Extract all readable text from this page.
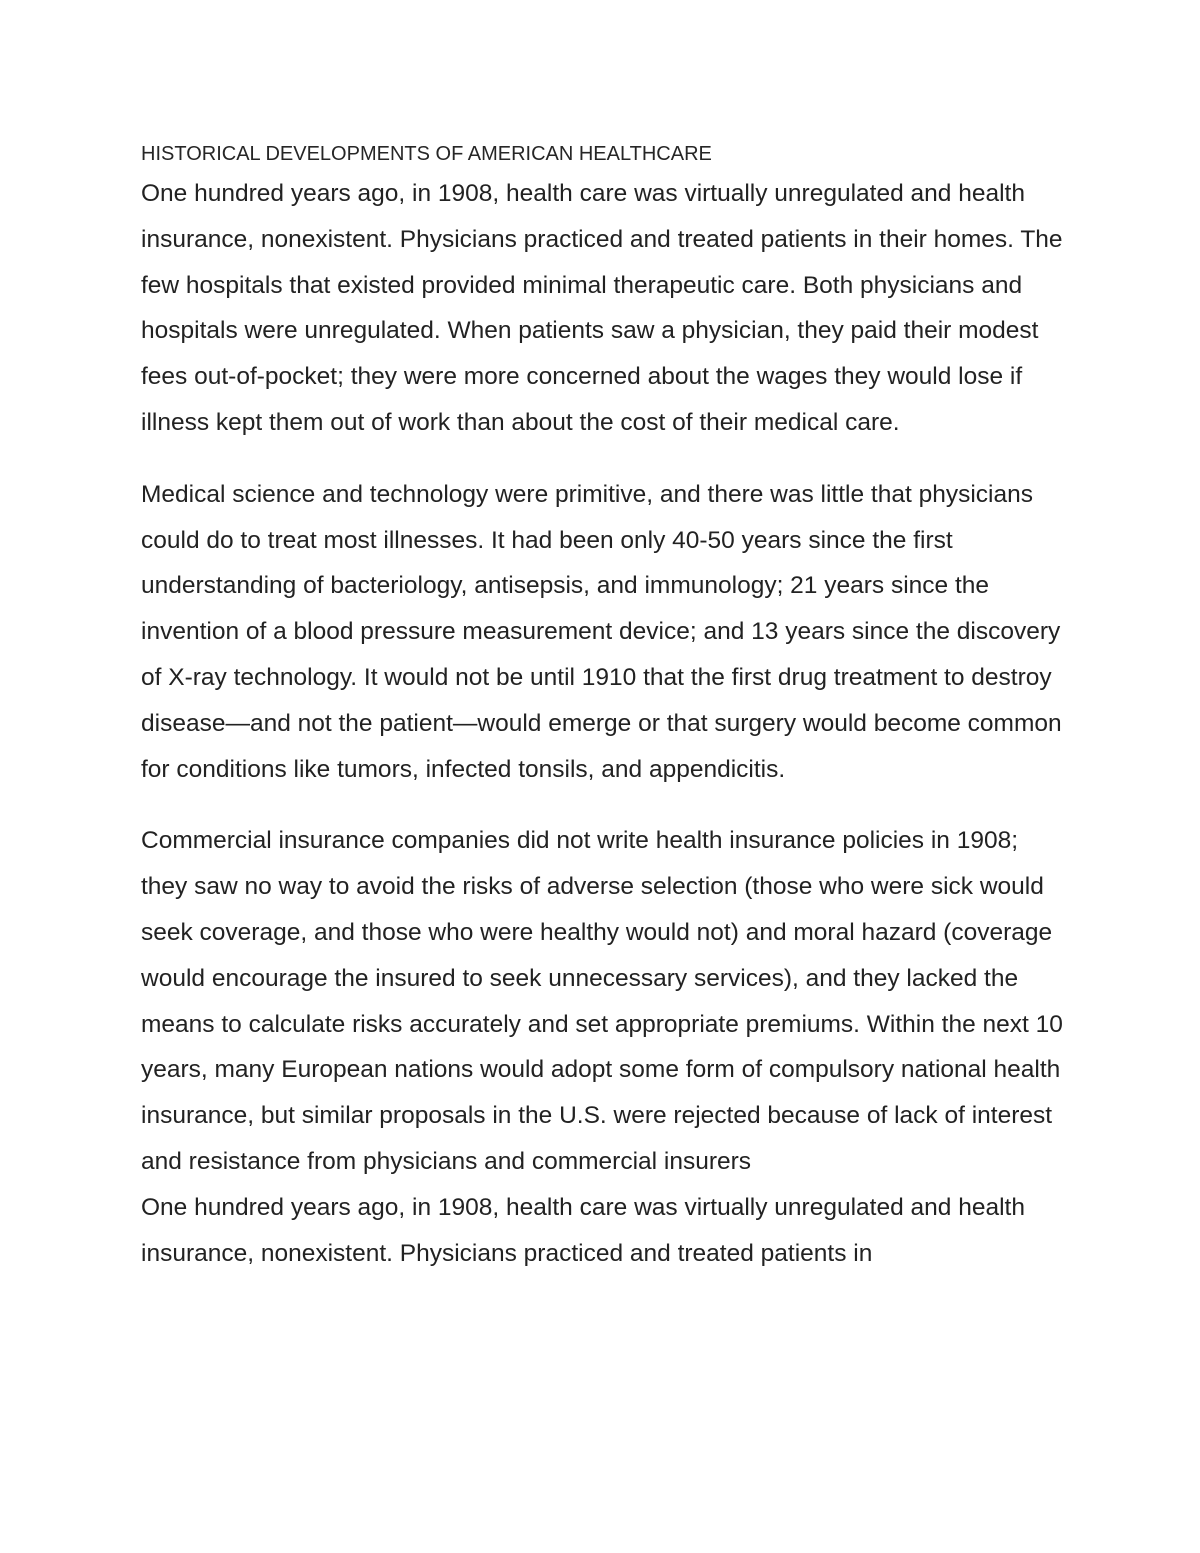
HISTORICAL DEVELOPMENTS OF AMERICAN HEALTHCARE

One hundred years ago, in 1908, health care was virtually unregulated and health insurance, nonexistent. Physicians practiced and treated patients in their homes. The few hospitals that existed provided minimal therapeutic care. Both physicians and hospitals were unregulated. When patients saw a physician, they paid their modest fees out-of-pocket; they were more concerned about the wages they would lose if illness kept them out of work than about the cost of their medical care.

Medical science and technology were primitive, and there was little that physicians could do to treat most illnesses. It had been only 40-50 years since the first understanding of bacteriology, antisepsis, and immunology; 21 years since the invention of a blood pressure measurement device; and 13 years since the discovery of X-ray technology. It would not be until 1910 that the first drug treatment to destroy disease—and not the patient—would emerge or that surgery would become common for conditions like tumors, infected tonsils, and appendicitis.

Commercial insurance companies did not write health insurance policies in 1908; they saw no way to avoid the risks of adverse selection (those who were sick would seek coverage, and those who were healthy would not) and moral hazard (coverage would encourage the insured to seek unnecessary services), and they lacked the means to calculate risks accurately and set appropriate premiums. Within the next 10 years, many European nations would adopt some form of compulsory national health insurance, but similar proposals in the U.S. were rejected because of lack of interest and resistance from physicians and commercial insurers

One hundred years ago, in 1908, health care was virtually unregulated and health insurance, nonexistent. Physicians practiced and treated patients in
